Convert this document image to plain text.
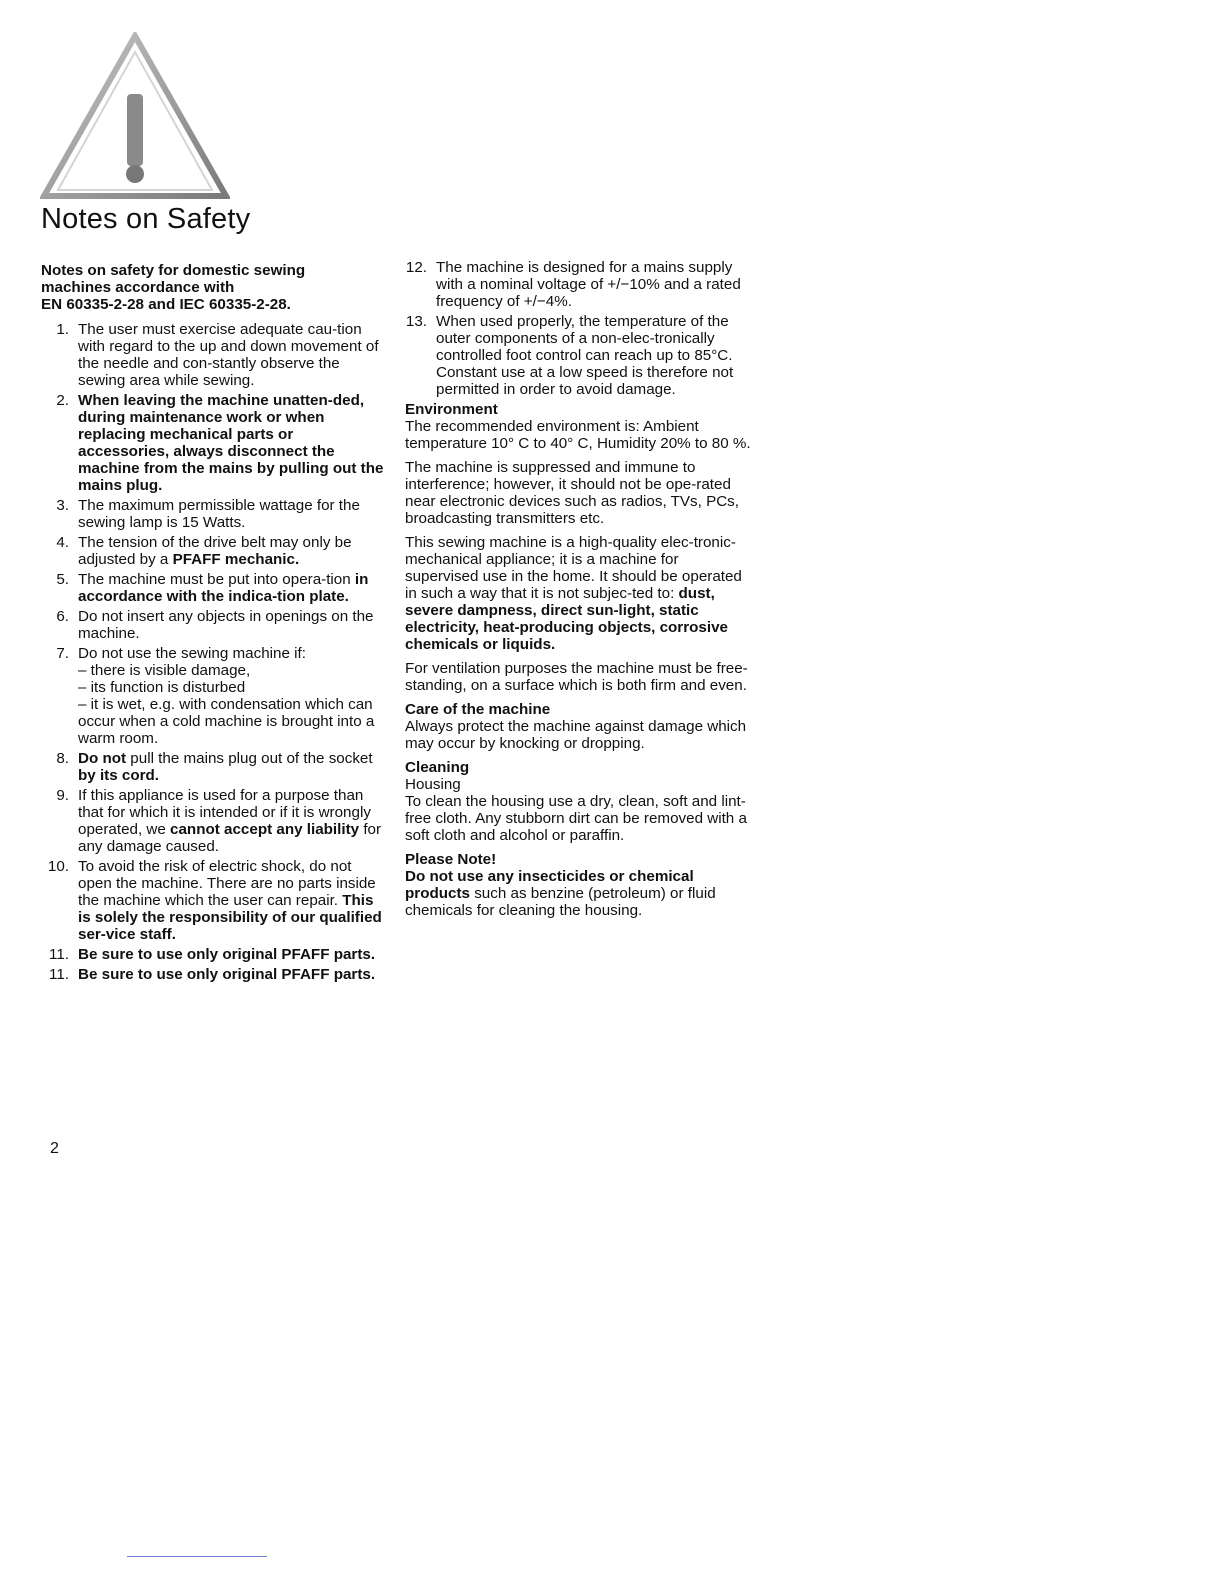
Notes on Safety
Notes on safety for domestic sewing
machines accordance with
EN 60335-2-28 and IEC 60335-2-28.
1. The user must exercise adequate cau-tion with regard to the up and down movement of the needle and con-stantly observe the sewing area while sewing.
2. When leaving the machine unatten-ded, during maintenance work or when replacing mechanical parts or accessories, always disconnect the machine from the mains by pulling out the mains plug.
3. The maximum permissible wattage for the sewing lamp is 15 Watts.
4. The tension of the drive belt may only be adjusted by a PFAFF mechanic.
5. The machine must be put into opera-tion in accordance with the indica-tion plate.
6. Do not insert any objects in openings on the machine.
7. Do not use the sewing machine if:
– there is visible damage,
– its function is disturbed
– it is wet, e.g. with condensation which can occur when a cold machine is brought into a warm room.
8. Do not pull the mains plug out of the socket by its cord.
9. If this appliance is used for a purpose than that for which it is intended or if it is wrongly operated, we cannot accept any liability for any damage caused.
10. To avoid the risk of electric shock, do not open the machine. There are no parts inside the machine which the user can repair. This is solely the responsibility of our qualified ser-vice staff.
11. Be sure to use only original PFAFF parts.
11. Be sure to use only original PFAFF parts.
12. The machine is designed for a mains supply with a nominal voltage of +/−10% and a rated frequency of +/−4%.
13. When used properly, the temperature of the outer components of a non-elec-tronically controlled foot control can reach up to 85°C. Constant use at a low speed is therefore not permitted in order to avoid damage.

Environment

The recommended environment is: Ambient temperature 10° C to 40° C, Humidity 20% to 80 %.

The machine is suppressed and immune to interference; however, it should not be ope-rated near electronic devices such as radios, TVs, PCs, broadcasting transmitters etc.

This sewing machine is a high-quality elec-tronic-mechanical appliance; it is a machine for supervised use in the home. It should be operated in such a way that it is not subjec-ted to: dust, severe dampness, direct sun-light, static electricity, heat-producing objects, corrosive chemicals or liquids.

For ventilation purposes the machine must be free-standing, on a surface which is both firm and even.

Care of the machine

Always protect the machine against damage which may occur by knocking or dropping.

Cleaning

Housing

To clean the housing use a dry, clean, soft and lint-free cloth. Any stubborn dirt can be removed with a soft cloth and alcohol or paraffin.

Please Note!

Do not use any insecticides or chemical products such as benzine (petroleum) or fluid chemicals for cleaning the housing.

2
